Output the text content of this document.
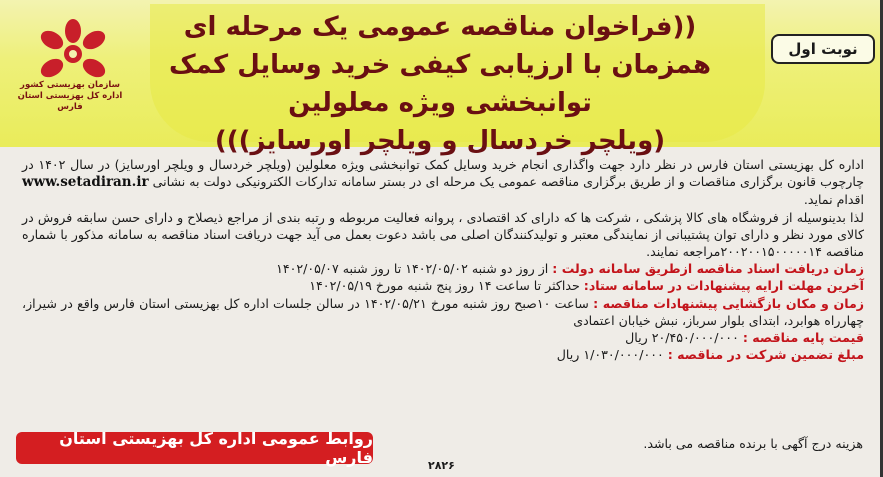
سازمان بهزیستی کشور
اداره کل بهزیستی استان فارس
((فراخوان مناقصه عمومی یک مرحله ای
همزمان با ارزیابی کیفی خرید وسایل کمک توانبخشی ویژه معلولین
(ویلچر خردسال و ویلچر اورسایز)))
نوبت اول

اداره کل بهزیستی استان فارس در نظر دارد جهت واگذاری انجام خرید وسایل کمک توانبخشی ویژه معلولین (ویلچر خردسال و ویلچر اورسایز) در سال ۱۴۰۲ در چارچوب قانون برگزاری مناقصات و از طریق برگزاری مناقصه عمومی یک مرحله ای در بستر سامانه تدارکات الکترونیکی دولت به نشانی www.setadiran.ir اقدام نماید.

لذا بدینوسیله از فروشگاه های کالا پزشکی ، شرکت ها که دارای کد اقتصادی ، پروانه فعالیت مربوطه و رتبه بندی از مراجع ذیصلاح و دارای حسن سابقه فروش در کالای مورد نظر و دارای توان پشتیبانی از نمایندگی معتبر و تولیدکنندگان اصلی می باشد دعوت بعمل می آید جهت دریافت اسناد مناقصه به سامانه مذکور با شماره مناقصه ۲۰۰۲۰۰۱۵۰۰۰۰۰۱۴مراجعه نمایند.

زمان دریافت اسناد مناقصه ازطریق سامانه دولت : از روز دو شنبه ۱۴۰۲/۰۵/۰۲ تا روز شنبه ۱۴۰۲/۰۵/۰۷

آخرین مهلت ارایه پیشنهادات در سامانه ستاد: حداکثر تا ساعت ۱۴ روز پنج شنبه مورخ ۱۴۰۲/۰۵/۱۹

زمان و مکان بازگشایی پیشنهادات مناقصه : ساعت ۱۰صبح روز شنبه مورخ ۱۴۰۲/۰۵/۲۱ در سالن جلسات اداره کل بهزیستی استان فارس واقع در شیراز، چهارراه هوابرد، ابتدای بلوار سرباز، نبش خیابان اعتمادی

قیمت پایه مناقصه : ۲۰/۴۵۰/۰۰۰/۰۰۰ ریال

مبلغ تضمین شرکت در مناقصه : ۱/۰۳۰/۰۰۰/۰۰۰ ریال

هزینه درج آگهی با برنده مناقصه می باشد.
روابط عمومی اداره کل بهزیستی استان فارس	۲۸۲۶
